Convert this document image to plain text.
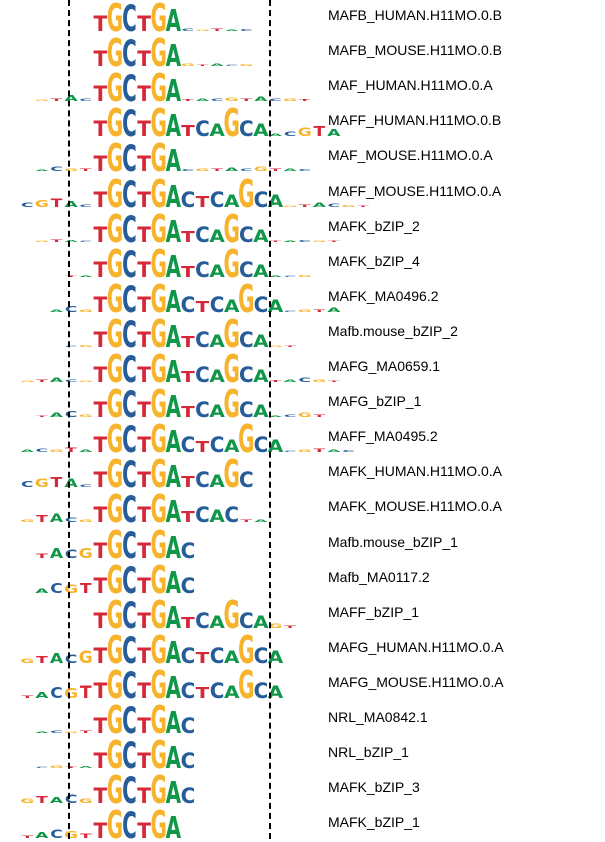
T G C T G
A C G T A C
MAFB_HUMAN.H11MO.0.B
T G C T G
A G T A C G
MAFB_MOUSE.H11MO.0.B
T G C T G
A
G T A C	T A C G T A C G T
MAF_HUMAN.H11MO.0.A
T G C T G
A T C A
G C A A C G T A
MAFF_HUMAN.H11MO.0.B
T G C T G
A
A C G T	C G T A C G T A C
MAF_MOUSE.H11MO.0.A
T G C T G
A C T C A
G C A
C G T A C	G T A C G T
MAFF_MOUSE.H11MO.0.A
T G C T G
A T C A
G C A
G T A C	T A C G T
MAFK_bZIP_2
T G C T G
A T C A
G C A
T A	A C G
MAFK_bZIP_4
T G C T G
A C T C A
G C A
A C G	C G T A
MAFK_MA0496.2
T G C T G
A T C A
G C A
C G	G T
Mafb.mouse_bZIP_2
T G C T G
A T C A
G C A
G T A C G	T A C G T
MAFG_MA0659.1
T G C T G
A T C A
G C A
T A C G	A C G T
MAFG_bZIP_1
T G C T G
A C T C A
G C A
A C G T A	C G T A C
MAFF_MA0495.2
T G C T G
A T C A
G C
C G T A C
MAFK_HUMAN.H11MO.0.A
T G C T G
A T C A C
G T A C G	T A
MAFK_MOUSE.H11MO.0.A
T G C T G
A C
T A C G
Mafb.mouse_bZIP_1
T G C T G
A C
A C G T
Mafb_MA0117.2
T G C T G
A T C A
G C A G T
MAFF_bZIP_1
T G C T G
A C T C A
G C A
G T A C G
MAFG_HUMAN.H11MO.0.A
T G C T G
A C T C A
G C A
T A C G T
MAFG_MOUSE.H11MO.0.A
T G C T G
A C
A C G T
NRL_MA0842.1
T G C T G
A C
C G T A
NRL_bZIP_1
T G C T G
A C
G T A C G
MAFK_bZIP_3
T G C T G
A
T A C G T
MAFK_bZIP_1
